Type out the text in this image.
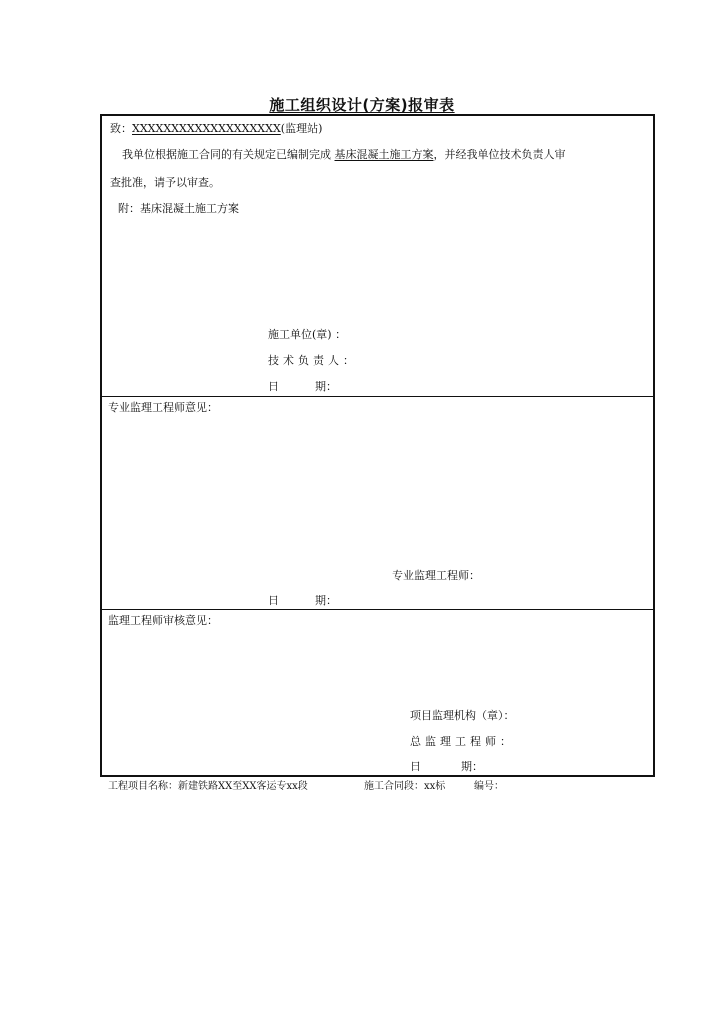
施工组织设计(方案)报审表
致：XXXXXXXXXXXXXXXXXXX(监理站)
我单位根据施工合同的有关规定已编制完成 基床混凝土施工方案，并经我单位技术负责人审
查批准，请予以审查。
附：基床混凝土施工方案
施工单位(章) ：
技术负责人：
日	期：
专业监理工程师意见：
专业监理工程师：
日	期：
监理工程师审核意见：
项目监理机构（章）：
总监理工程师：
日	期：
工程项目名称：新建铁路XX至XX客运专xx段	施工合同段：xx标	编号：
